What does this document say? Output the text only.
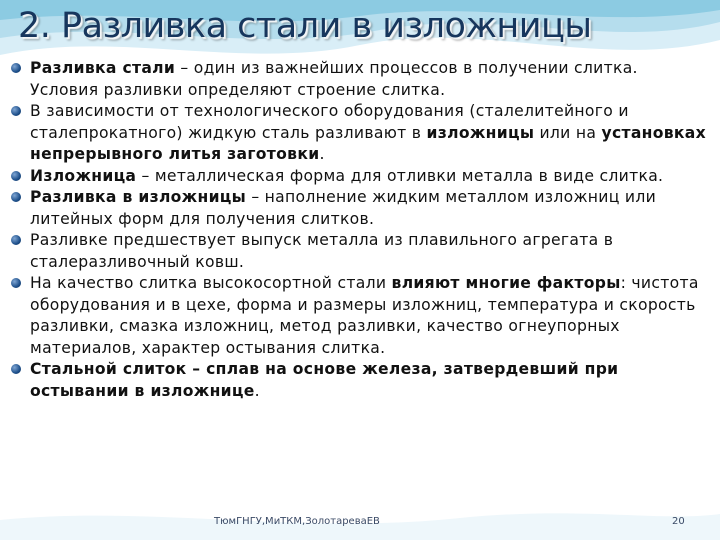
2. Разливка стали в изложницы
Разливка стали – один из важнейших процессов в получении слитка. Условия разливки определяют строение слитка.
В зависимости от технологического оборудования (сталелитейного и сталепрокатного) жидкую сталь разливают в изложницы или на установках непрерывного литья заготовки.
Изложница – металлическая форма для отливки металла в виде слитка.
Разливка в изложницы – наполнение жидким металлом изложниц или литейных форм для получения слитков.
Разливке предшествует выпуск металла из плавильного агрегата в сталеразливочный ковш.
На качество слитка высокосортной стали влияют многие факторы: чистота оборудования и в цехе, форма и размеры изложниц, температура и скорость разливки, смазка изложниц, метод разливки, качество огнеупорных материалов, характер остывания слитка.
Стальной слиток – сплав на основе железа, затвердевший при остывании в изложнице.
ТюмГНГУ,МиТКМ,ЗолотареваЕВ	20
